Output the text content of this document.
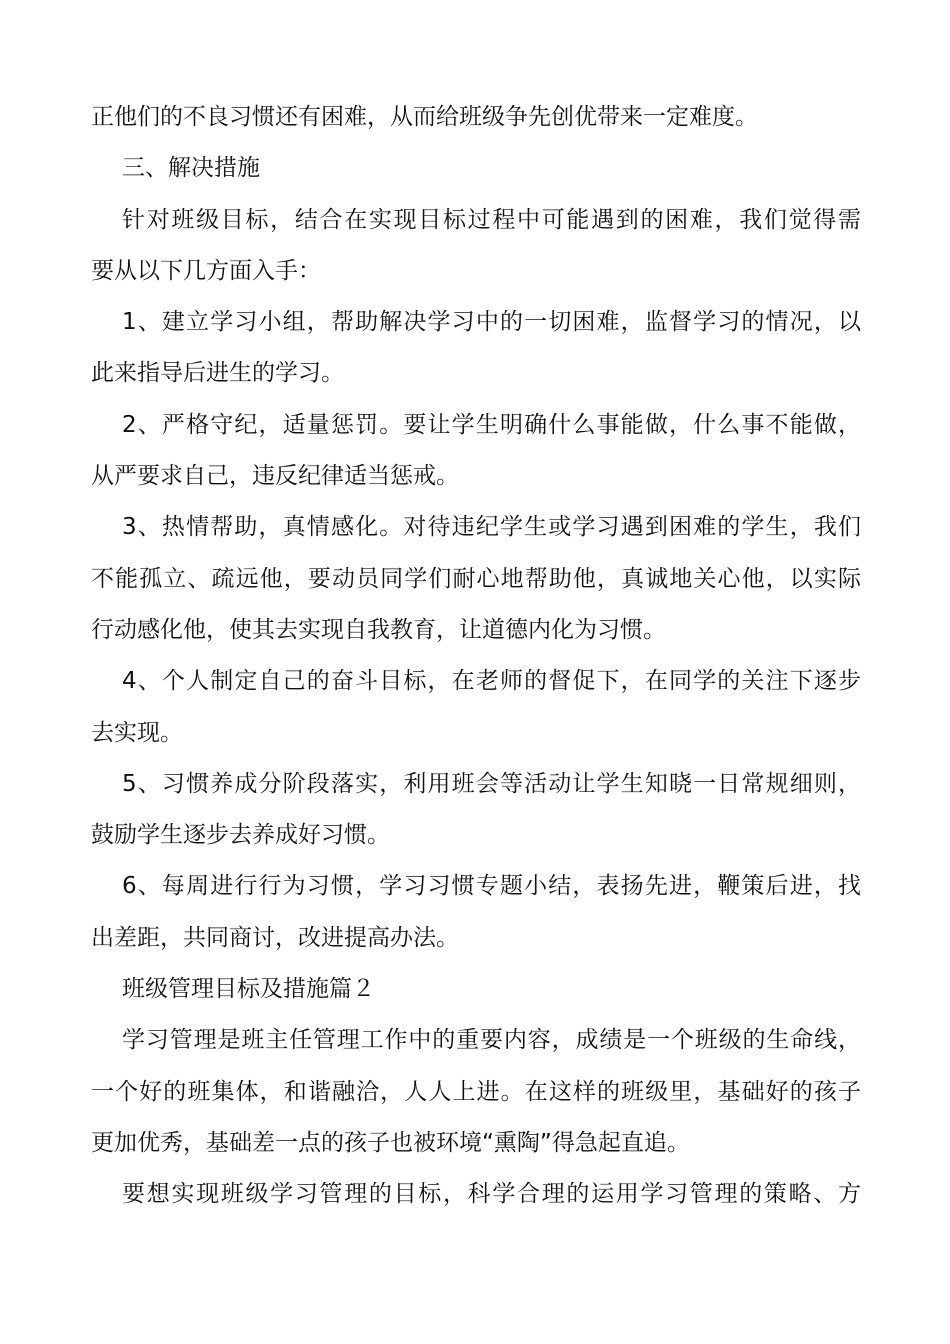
正他们的不良习惯还有困难，从而给班级争先创优带来一定难度。
三、解决措施
针对班级目标，结合在实现目标过程中可能遇到的困难，我们觉得需
要从以下几方面入手：
1、建立学习小组，帮助解决学习中的一切困难，监督学习的情况，以
此来指导后进生的学习。
2、严格守纪，适量惩罚。要让学生明确什么事能做，什么事不能做，
从严要求自己，违反纪律适当惩戒。
3、热情帮助，真情感化。对待违纪学生或学习遇到困难的学生，我们
不能孤立、疏远他，要动员同学们耐心地帮助他，真诚地关心他，以实际
行动感化他，使其去实现自我教育，让道德内化为习惯。
4、个人制定自己的奋斗目标，在老师的督促下，在同学的关注下逐步
去实现。
5、习惯养成分阶段落实，利用班会等活动让学生知晓一日常规细则，
鼓励学生逐步去养成好习惯。
6、每周进行行为习惯，学习习惯专题小结，表扬先进，鞭策后进，找
出差距，共同商讨，改进提高办法。
班级管理目标及措施篇２
学习管理是班主任管理工作中的重要内容，成绩是一个班级的生命线，
一个好的班集体，和谐融洽，人人上进。在这样的班级里，基础好的孩子
更加优秀，基础差一点的孩子也被环境“熏陶”得急起直追。
要想实现班级学习管理的目标，科学合理的运用学习管理的策略、方
